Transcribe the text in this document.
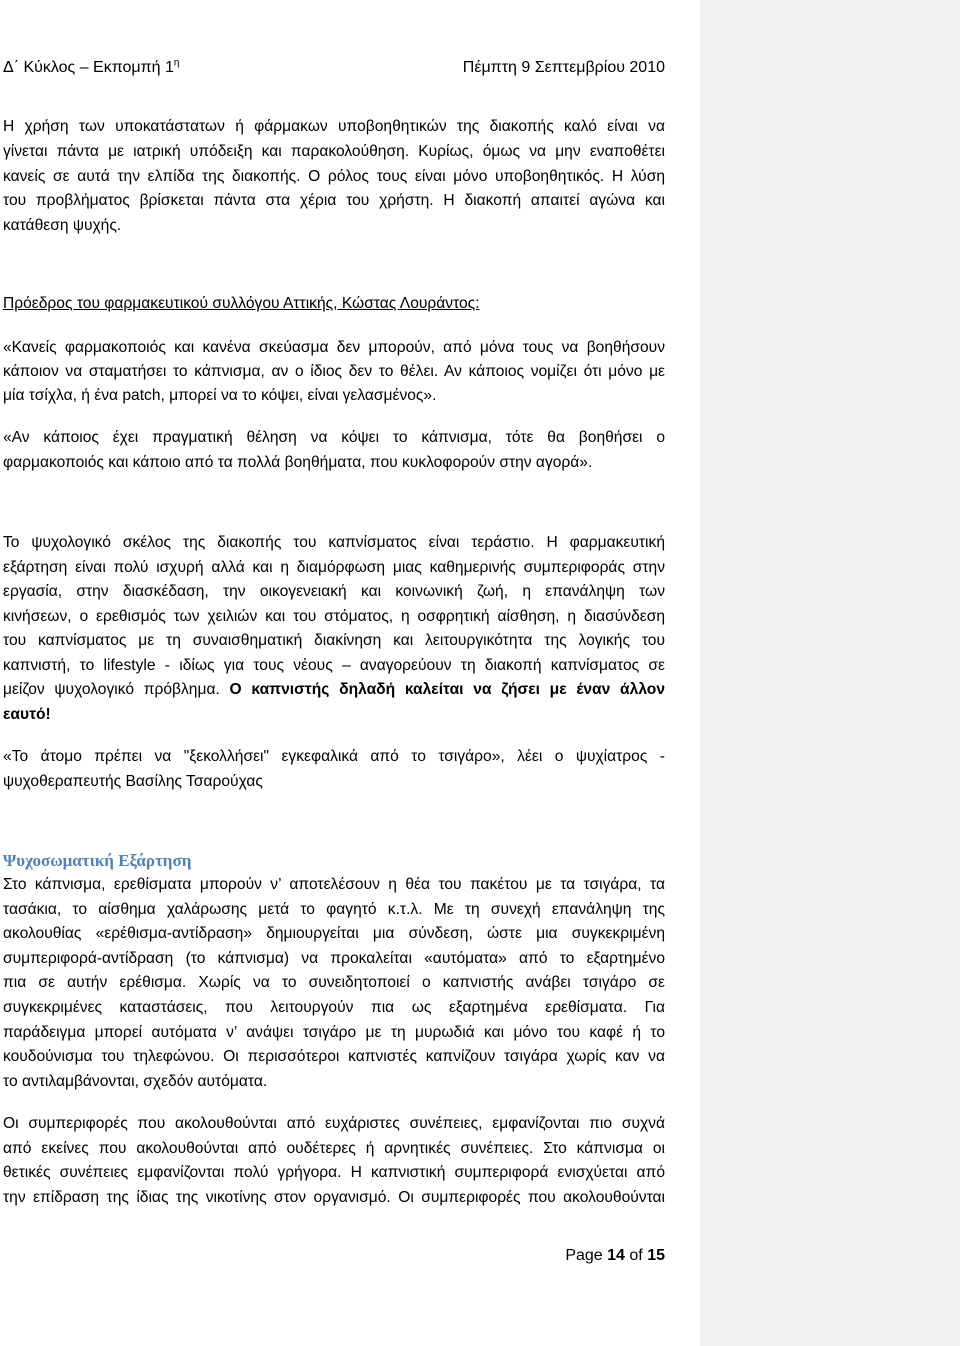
Δ΄ Κύκλος – Εκπομπή $1^\eta$	Πέμπτη 9 Σεπτεμβρίου 2010
Η χρήση των υποκατάστατων ή φάρμακων υποβοηθητικών της διακοπής καλό είναι να
γίνεται πάντα με ιατρική υπόδειξη και παρακολούθηση. Κυρίως, όμως να μην εναποθέτει
κανείς σε αυτά την ελπίδα της διακοπής. Ο ρόλος τους είναι μόνο υποβοηθητικός. Η λύση
του προβλήματος βρίσκεται πάντα στα χέρια του χρήστη. Η διακοπή απαιτεί αγώνα και
κατάθεση ψυχής.
Πρόεδρος του φαρμακευτικού συλλόγου Αττικής, Κώστας Λουράντος:
«Κανείς φαρμακοποιός και κανένα σκεύασμα δεν μπορούν, από μόνα τους να βοηθήσουν
κάποιον να σταματήσει το κάπνισμα, αν ο ίδιος δεν το θέλει. Αν κάποιος νομίζει ότι μόνο με
μία τσίχλα, ή ένα patch, μπορεί να το κόψει, είναι γελασμένος».
«Αν κάποιος έχει πραγματική θέληση να κόψει το κάπνισμα, τότε θα βοηθήσει ο
φαρμακοποιός και κάποιο από τα πολλά βοηθήματα, που κυκλοφορούν στην αγορά».
Το ψυχολογικό σκέλος της διακοπής του καπνίσματος είναι τεράστιο. Η φαρμακευτική
εξάρτηση είναι πολύ ισχυρή αλλά και η διαμόρφωση μιας καθημερινής συμπεριφοράς στην
εργασία, στην διασκέδαση, την οικογενειακή και κοινωνική ζωή, η επανάληψη των
κινήσεων, ο ερεθισμός των χειλιών και του στόματος, η οσφρητική αίσθηση, η διασύνδεση
του καπνίσματος με τη συναισθηματική διακίνηση και λειτουργικότητα της λογικής του
καπνιστή, το lifestyle - ιδίως για τους νέους – αναγορεύουν τη διακοπή καπνίσματος σε
μείζον ψυχολογικό πρόβλημα. Ο καπνιστής δηλαδή καλείται να ζήσει με έναν άλλον
εαυτό!
«Το άτομο πρέπει να "ξεκολλήσει" εγκεφαλικά από το τσιγάρο», λέει ο ψυχίατρος -
ψυχοθεραπευτής Βασίλης Τσαρούχας
Ψυχοσωματική Εξάρτηση
Στο κάπνισμα, ερεθίσματα μπορούν ν’ αποτελέσουν η θέα του πακέτου με τα τσιγάρα, τα
τασάκια, το αίσθημα χαλάρωσης μετά το φαγητό κ.τ.λ. Με τη συνεχή επανάληψη της
ακολουθίας «ερέθισμα-αντίδραση» δημιουργείται μια σύνδεση, ώστε μια συγκεκριμένη
συμπεριφορά-αντίδραση (το κάπνισμα) να προκαλείται «αυτόματα» από το εξαρτημένο
πια σε αυτήν ερέθισμα. Χωρίς να το συνειδητοποιεί ο καπνιστής ανάβει τσιγάρο σε
συγκεκριμένες καταστάσεις, που λειτουργούν πια ως εξαρτημένα ερεθίσματα. Για
παράδειγμα μπορεί αυτόματα ν’ ανάψει τσιγάρο με τη μυρωδιά και μόνο του καφέ ή το
κουδούνισμα του τηλεφώνου. Οι περισσότεροι καπνιστές καπνίζουν τσιγάρα χωρίς καν να
το αντιλαμβάνονται, σχεδόν αυτόματα.
Οι συμπεριφορές που ακολουθούνται από ευχάριστες συνέπειες, εμφανίζονται πιο συχνά
από εκείνες που ακολουθούνται από ουδέτερες ή αρνητικές συνέπειες. Στο κάπνισμα οι
θετικές συνέπειες εμφανίζονται πολύ γρήγορα. Η καπνιστική συμπεριφορά ενισχύεται από
την επίδραση της ίδιας της νικοτίνης στον οργανισμό. Οι συμπεριφορές που ακολουθούνται
Page 14 of 15
